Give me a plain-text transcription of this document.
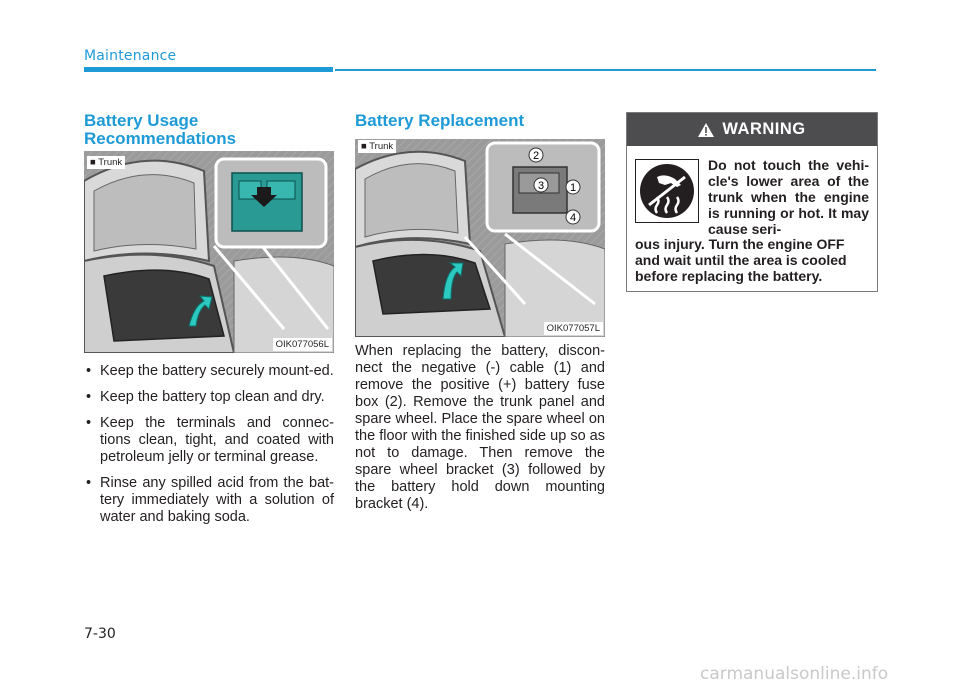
Maintenance
Battery Usage
Recommendations
■ Trunk
OIK077056L
• Keep the battery securely mount-ed.
• Keep the battery top clean and dry.
• Keep the terminals and connec-tions clean, tight, and coated with petroleum jelly or terminal grease.
• Rinse any spilled acid from the bat-tery immediately with a solution of water and baking soda.
Battery Replacement
1
2
3
4
■ Trunk
OIK077057L
When replacing the battery, discon-nect the negative (-) cable (1) and remove the positive (+) battery fuse box (2). Remove the trunk panel and spare wheel. Place the spare wheel on the floor with the finished side up so as not to damage. Then remove the spare wheel bracket (3) followed by the battery hold down mounting bracket (4).
WARNING
Do not touch the vehi-cle's lower area of the trunk when the engine is running or hot. It may cause seri-
ous injury. Turn the engine OFF and wait until the area is cooled before replacing the battery.
7-30
carmanualsonline.info
